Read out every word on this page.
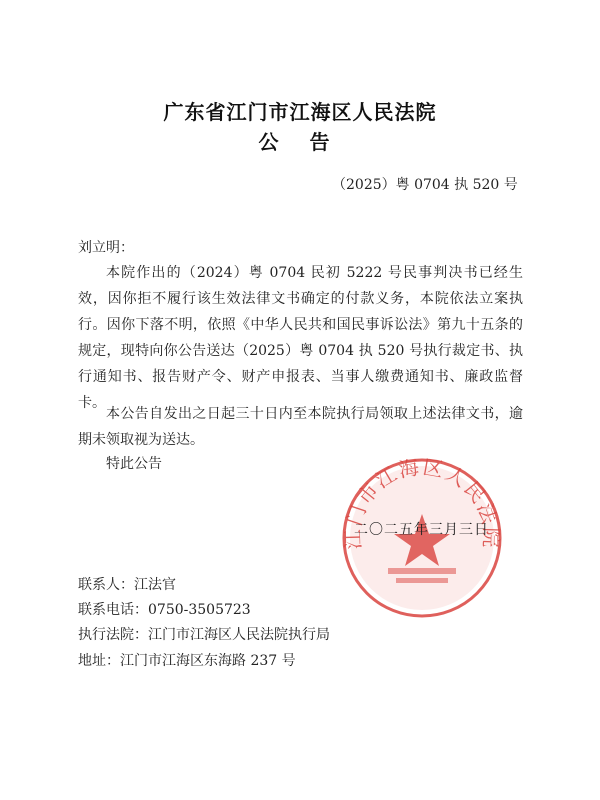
广东省江门市江海区人民法院
公 告
（2025）粤 0704 执 520 号
刘立明：

本院作出的（2024）粤 0704 民初 5222 号民事判决书已经生效，因你拒不履行该生效法律文书确定的付款义务，本院依法立案执行。因你下落不明，依照《中华人民共和国民事诉讼法》第九十五条的规定，现特向你公告送达（2025）粤 0704 执 520 号执行裁定书、执行通知书、报告财产令、财产申报表、当事人缴费通知书、廉政监督卡。

本公告自发出之日起三十日内至本院执行局领取上述法律文书，逾期未领取视为送达。

特此公告

江门市江海区人民法院
二〇二五年三月三日
联系人：江法官
联系电话：0750-3505723
执行法院：江门市江海区人民法院执行局
地址：江门市江海区东海路 237 号
